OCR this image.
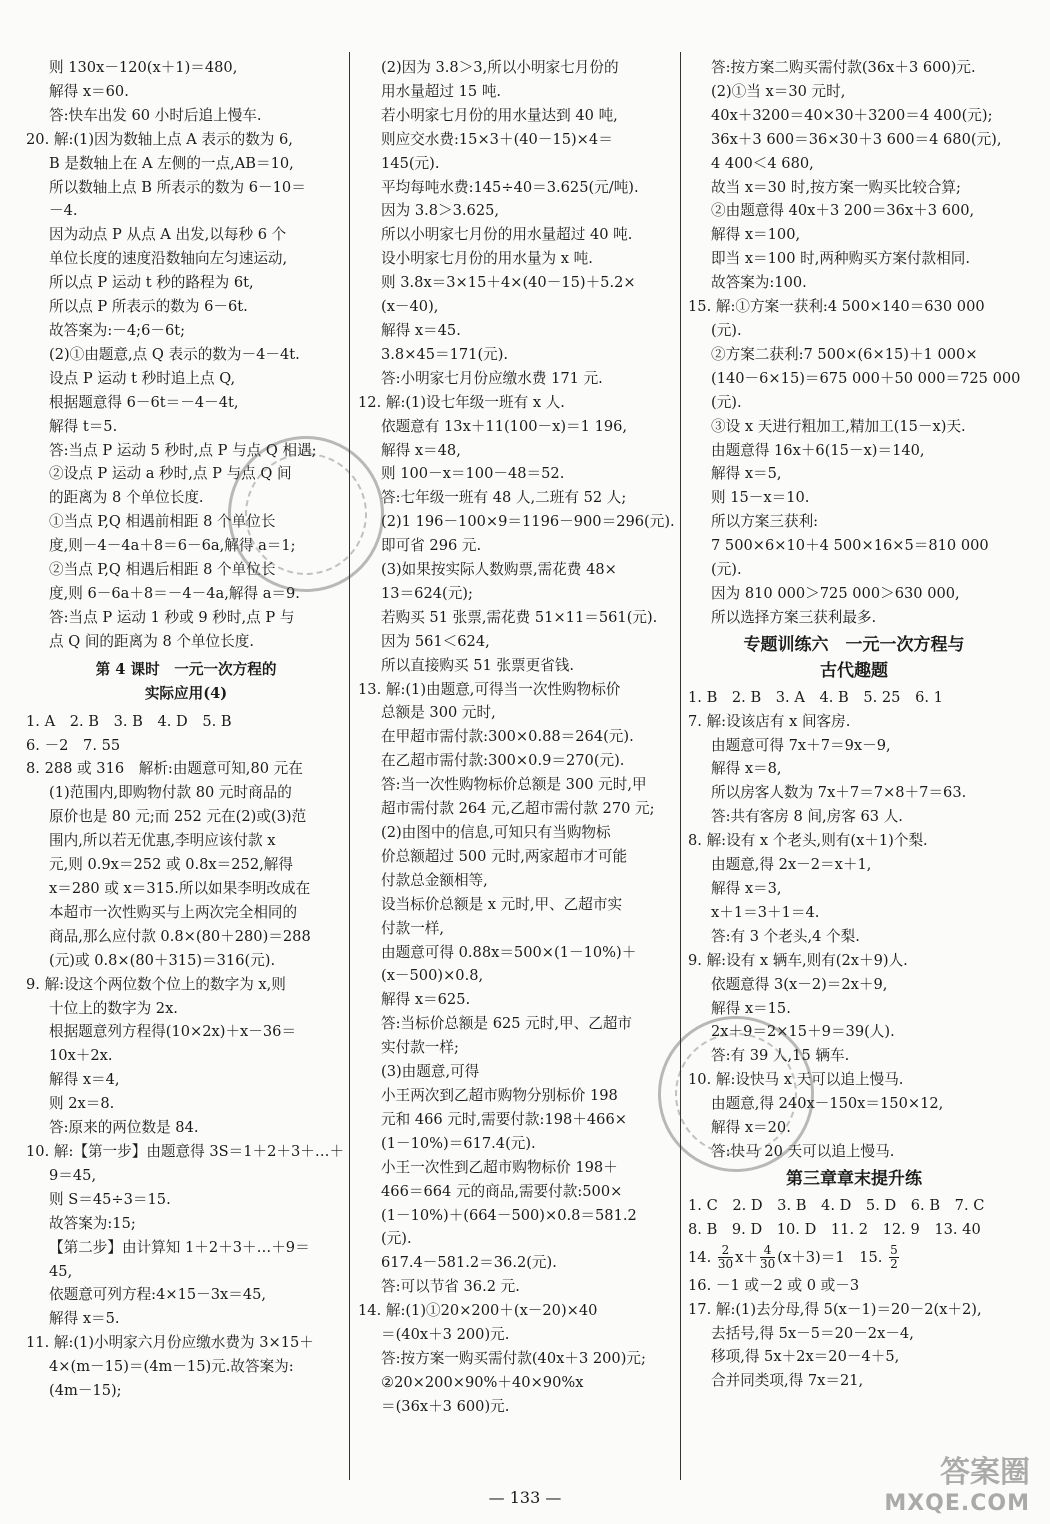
则 130x－120(x＋1)＝480,
解得 x＝60.
答:快车出发 60 小时后追上慢车.
20. 解:(1)因为数轴上点 A 表示的数为 6,
B 是数轴上在 A 左侧的一点,AB＝10,
所以数轴上点 B 所表示的数为 6－10＝
－4.
因为动点 P 从点 A 出发,以每秒 6 个
单位长度的速度沿数轴向左匀速运动,
所以点 P 运动 t 秒的路程为 6t,
所以点 P 所表示的数为 6－6t.
故答案为:－4;6－6t;
(2)①由题意,点 Q 表示的数为－4－4t.
设点 P 运动 t 秒时追上点 Q,
根据题意得 6－6t＝－4－4t,
解得 t＝5.
答:当点 P 运动 5 秒时,点 P 与点 Q 相遇;
②设点 P 运动 a 秒时,点 P 与点 Q 间
的距离为 8 个单位长度.
①当点 P,Q 相遇前相距 8 个单位长
度,则－4－4a＋8＝6－6a,解得 a＝1;
②当点 P,Q 相遇后相距 8 个单位长
度,则 6－6a＋8＝－4－4a,解得 a＝9.
答:当点 P 运动 1 秒或 9 秒时,点 P 与
点 Q 间的距离为 8 个单位长度.
第 4 课时　一元一次方程的
实际应用(4)
1. A　2. B　3. B　4. D　5. B
6. －2　7. 55
8. 288 或 316　解析:由题意可知,80 元在
(1)范围内,即购物付款 80 元时商品的
原价也是 80 元;而 252 元在(2)或(3)范
围内,所以若无优惠,李明应该付款 x
元,则 0.9x＝252 或 0.8x＝252,解得
x＝280 或 x＝315.所以如果李明改成在
本超市一次性购买与上两次完全相同的
商品,那么应付款 0.8×(80＋280)＝288
(元)或 0.8×(80＋315)＝316(元).
9. 解:设这个两位数个位上的数字为 x,则
十位上的数字为 2x.
根据题意列方程得(10×2x)＋x－36＝
10x＋2x.
解得 x＝4,
则 2x＝8.
答:原来的两位数是 84.
10. 解:【第一步】由题意得 3S＝1＋2＋3＋…＋
9＝45,
则 S＝45÷3＝15.
故答案为:15;
【第二步】由计算知 1＋2＋3＋…＋9＝
45,
依题意可列方程:4×15－3x＝45,
解得 x＝5.
11. 解:(1)小明家六月份应缴水费为 3×15＋
4×(m－15)＝(4m－15)元.故答案为:
(4m－15);
(2)因为 3.8＞3,所以小明家七月份的
用水量超过 15 吨.
若小明家七月份的用水量达到 40 吨,
则应交水费:15×3＋(40－15)×4＝
145(元).
平均每吨水费:145÷40＝3.625(元/吨).
因为 3.8＞3.625,
所以小明家七月份的用水量超过 40 吨.
设小明家七月份的用水量为 x 吨.
则 3.8x＝3×15＋4×(40－15)＋5.2×
(x－40),
解得 x＝45.
3.8×45＝171(元).
答:小明家七月份应缴水费 171 元.
12. 解:(1)设七年级一班有 x 人.
依题意有 13x＋11(100－x)＝1 196,
解得 x＝48,
则 100－x＝100－48＝52.
答:七年级一班有 48 人,二班有 52 人;
(2)1 196－100×9＝1196－900＝296(元).
即可省 296 元.
(3)如果按实际人数购票,需花费 48×
13＝624(元);
若购买 51 张票,需花费 51×11＝561(元).
因为 561＜624,
所以直接购买 51 张票更省钱.
13. 解:(1)由题意,可得当一次性购物标价
总额是 300 元时,
在甲超市需付款:300×0.88＝264(元).
在乙超市需付款:300×0.9＝270(元).
答:当一次性购物标价总额是 300 元时,甲
超市需付款 264 元,乙超市需付款 270 元;
(2)由图中的信息,可知只有当购物标
价总额超过 500 元时,两家超市才可能
付款总金额相等,
设当标价总额是 x 元时,甲、乙超市实
付款一样,
由题意可得 0.88x＝500×(1－10%)＋
(x－500)×0.8,
解得 x＝625.
答:当标价总额是 625 元时,甲、乙超市
实付款一样;
(3)由题意,可得
小王两次到乙超市购物分别标价 198
元和 466 元时,需要付款:198＋466×
(1－10%)＝617.4(元).
小王一次性到乙超市购物标价 198＋
466＝664 元的商品,需要付款:500×
(1－10%)＋(664－500)×0.8＝581.2
(元).
617.4－581.2＝36.2(元).
答:可以节省 36.2 元.
14. 解:(1)①20×200＋(x－20)×40
＝(40x＋3 200)元.
答:按方案一购买需付款(40x＋3 200)元;
②20×200×90%＋40×90%x
＝(36x＋3 600)元.
答:按方案二购买需付款(36x＋3 600)元.
(2)①当 x＝30 元时,
40x＋3200＝40×30＋3200＝4 400(元);
36x＋3 600＝36×30＋3 600＝4 680(元),
4 400＜4 680,
故当 x＝30 时,按方案一购买比较合算;
②由题意得 40x＋3 200＝36x＋3 600,
解得 x＝100,
即当 x＝100 时,两种购买方案付款相同.
故答案为:100.
15. 解:①方案一获利:4 500×140＝630 000
(元).
②方案二获利:7 500×(6×15)＋1 000×
(140－6×15)＝675 000＋50 000＝725 000
(元).
③设 x 天进行粗加工,精加工(15－x)天.
由题意得 16x＋6(15－x)＝140,
解得 x＝5,
则 15－x＝10.
所以方案三获利:
7 500×6×10＋4 500×16×5＝810 000
(元).
因为 810 000＞725 000＞630 000,
所以选择方案三获利最多.
专题训练六　一元一次方程与
古代趣题
1. B　2. B　3. A　4. B　5. 25　6. 1
7. 解:设该店有 x 间客房.
由题意可得 7x＋7＝9x－9,
解得 x＝8,
所以房客人数为 7x＋7＝7×8＋7＝63.
答:共有客房 8 间,房客 63 人.
8. 解:设有 x 个老头,则有(x＋1)个梨.
由题意,得 2x－2＝x＋1,
解得 x＝3,
x＋1＝3＋1＝4.
答:有 3 个老头,4 个梨.
9. 解:设有 x 辆车,则有(2x＋9)人.
依题意得 3(x－2)＝2x＋9,
解得 x＝15.
2x＋9＝2×15＋9＝39(人).
答:有 39 人,15 辆车.
10. 解:设快马 x 天可以追上慢马.
由题意,得 240x－150x＝150×12,
解得 x＝20.
答:快马 20 天可以追上慢马.
第三章章末提升练
1. C　2. D　3. B　4. D　5. D　6. B　7. C
8. B　9. D　10. D　11. 2　12. 9　13. 40
14. $\frac{2}{30} x+ \frac{4}{30} (x+3)=1$　15. $\frac{5}{2}$
16. －1 或－2 或 0 或－3
17. 解:(1)去分母,得 5(x－1)＝20－2(x＋2),
去括号,得 5x－5＝20－2x－4,
移项,得 5x＋2x＝20－4＋5,
合并同类项,得 7x＝21,
— 133 —
答案圈
MXQE.COM
